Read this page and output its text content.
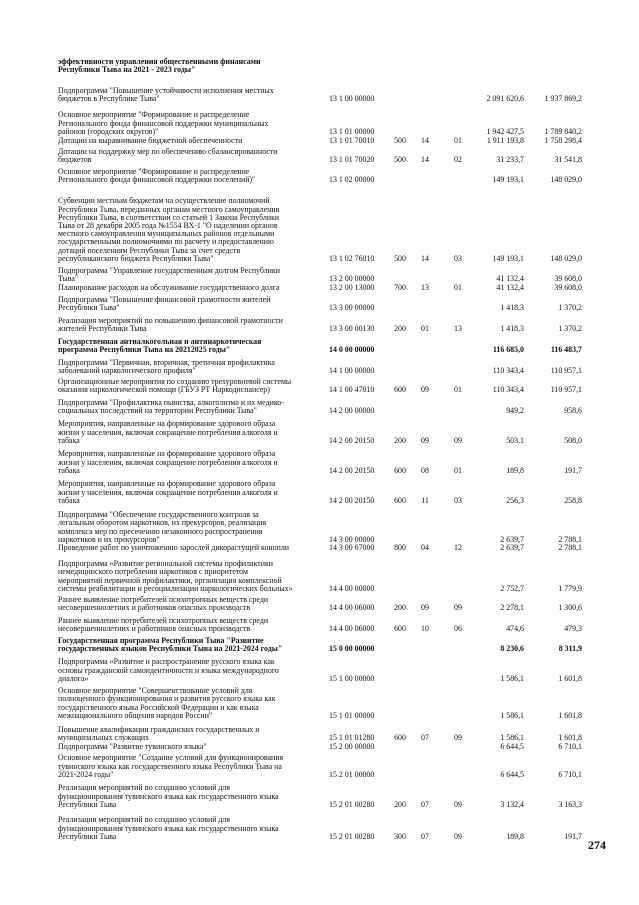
эффективности управления общественными финансами
Республики Тыва на 2021 - 2023 годы"
Подпрограмма "Повышение устойчивости исполнения местных
бюджетов в Республике Тыва"	13 1 00 00000	2 091 620,6	1 937 869,2
Основное мероприятие "Формирование и распределение
Регионального фонда финансовой поддержки муниципальных
районов (городских округов)"	13 1 01 00000	1 942 427,5	1 789 840,2
Дотации на выравнивание бюджетной обеспеченности	13 1 01 70010	500	14	01	1 911 193,8	1 758 298,4
Дотации на поддержку мер по обеспечению сбалансированности
бюджетов	13 1 01 70020	500	14	02	31 233,7	31 541,8
Основное мероприятие "Формирование и распределение
Регионального фонда финансовой поддержки поселений)"	13 1 02 00000	149 193,1	148 029,0
Субвенции местным бюджетам на осуществление полномочий
Республики Тыва, переданных органам местного самоуправления
Республики Тыва, в соответствии со статьей 1 Закона Республики
Тыва от 28 декабря 2005 года №1554 ВХ-1 "О наделении органов
местного самоуправления муниципальных районов отдельными
государственными полномочиями по расчету и предоставлению
дотаций поселениям Республики Тыва за счет средств
республиканского бюджета Республики Тыва"	13 1 02 76010	500	14	03	149 193,1	148 029,0
Подпрограмма "Управление государственным долгом Республики
Тыва"	13 2 00 00000	41 132,4	39 608,0
Планирование расходов на обслуживание государственного долга	13 2 00 13000	700	13	01	41 132,4	39 608,0
Подпрограмма "Повышение финансовой грамотности жителей
Республики Тыва"	13 3 00 00000	1 418,3	1 370,2
Реализация мероприятий по повышению финансовой грамотности
жителей Республики Тыва	13 3 00 00130	200	01	13	1 418,3	1 370,2
Государственная антиалкогольная и антинаркотическая
программа Республики Тыва на 20212025 годы"	14 0 00 00000	116 685,0	116 483,7
Подпрограмма "Первичная, вторичная, третичная профилактика
заболеваний наркологического профиля"	14 1 00 00000	110 343,4	110 957,1
Организационные мероприятия по созданию трехуровневой системы
оказания наркологической помощи (ГБУЗ РТ Наркодиспансер)	14 1 00 47010	600	09	01	110 343,4	110 957,1
Подпрограмма "Профилактика пьянства, алкоголизма и их медико-
социальных последствий на территории Республики Тыва"	14 2 00 00000	949,2	958,6
Мероприятия, направленные на формирование здорового образа
жизни у населения, включая сокращение потребления алкоголя и
табака	14 2 00 20150	200	09	09	503,1	508,0
Мероприятия, направленные на формирование здорового образа
жизни у населения, включая сокращение потребления алкоголя и
табака	14 2 00 20150	600	08	01	189,8	191,7
Мероприятия, направленные на формирование здорового образа
жизни у населения, включая сокращение потребления алкоголя и
табака	14 2 00 20150	600	11	03	256,3	258,8
Подпрограмма "Обеспечение государственного контроля за
легальным оборотом наркотиков, их прекурсоров, реализация
комплекса мер по пресечению незаконного распространения
наркотиков и их прекурсоров"	14 3 00 00000	2 639,7	2 788,1
Проведение работ по уничтожению зарослей дикорастущей конопли	14 3 00 67000	800	04	12	2 639,7	2 788,1
Подпрограмма «Развитие региональной системы профилактики
немедицинского потребления наркотиков с приоритетом
мероприятий первичной профилактики, организация комплексной
системы реабилитации и ресоциализации наркологических больных»	14 4 00 00000	2 752,7	1 779,9
Раннее выявление потребителей психотропных веществ среди
несовершеннолетних и работников опасных производств	14 4 00 06000	200	09	09	2 278,1	1 300,6
Раннее выявление потребителей психотропных веществ среди
несовершеннолетних и работников опасных производств	14 4 00 06000	600	10	06	474,6	479,3
Государственная программа Республики Тыва "Развитие
государственных языков Республики Тыва на 2021-2024 годы"	15 0 00 00000	8 230,6	8 311,9
Подпрограмма «Развитие и распространение русского языка как
основы гражданской самоидентичности и языка международного
диалога»	15 1 00 00000	1 586,1	1 601,8
Основное мероприятие "Совершенствование условий для
полноценного функционирования и развития русского языка как
государственного языка Российской Федерации и как языка
межнационального общения народов России"	15 1 01 00000	1 586,1	1 601,8
Повышение квалификации гражданских государственных и
муниципальных служащих	15 1 01 01280	600	07	09	1 586,1	1 601,8
Подпрограмма "Развитие тувинского языка"	15 2 00 00000	6 644,5	6 710,1
Основное мероприятие "Создание условий для функционирования
тувинского языка как государственного языка Республики Тыва на
2021-2024 годы"	15 2 01 00000	6 644,5	6 710,1
Реализация мероприятий по созданию условий для
функционирования тувинского языка как государственного языка
Республики Тыва	15 2 01 00280	200	07	09	3 132,4	3 163,3
Реализация мероприятий по созданию условий для
функционирования тувинского языка как государственного языка
Республики Тыва	15 2 01 00280	300	07	09	189,8	191,7
274
